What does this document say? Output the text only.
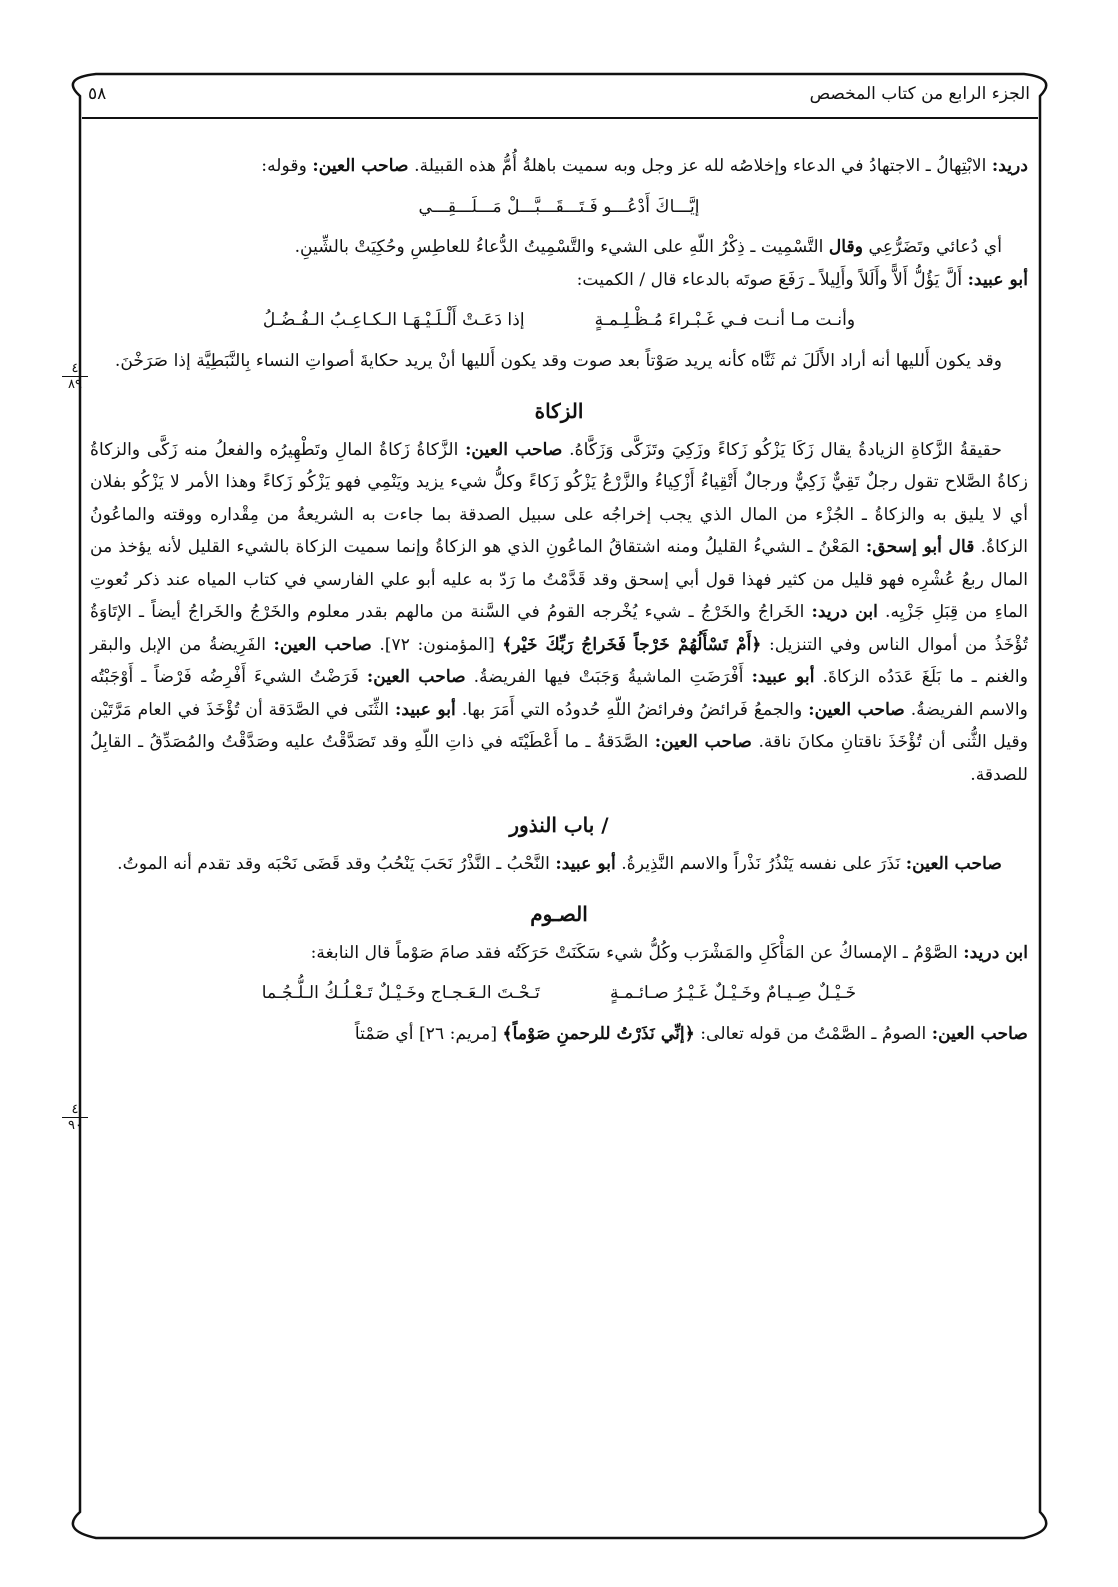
الجزء الرابع من كتاب المخصص
٥٨
٤
٨٩
٤
٩٠

دريد: الابْتِهالُ ـ الاجتهادُ في الدعاء وإخلاصُه لله عز وجل وبه سميت باهلةُ أُمُّ هذه القبيلة. صاحب العين: وقوله:

إيَّـــاكَ أَدْعُـــو فَـتَـــقَـــبَّـــلْ مَـــلَـــقِـــي

أي دُعائي وتَضَرُّعِي وقال التَّسْمِيت ـ ذِكْرُ اللّهِ على الشيء والتَّسْمِيتُ الدُّعاءُ للعاطِسِ وحُكِيَتْ بالشِّينِ.

أبو عبيد: أَلَّ يَؤُلُّ أَلاًّ وأَلَلاً وأَلِيلاً ـ رَفَعَ صوتَه بالدعاء قال / الكميت:

وأنـت مـا أنـت فـي غَـبْـراءَ مُـظْـلِـمـةٍ
إذا دَعَـتْ أَلْـلَـيْـهَـا الـكـاعِـبُ الـفُـضُـلُ

وقد يكون أَلليها أنه أراد الأَلَلَ ثم ثَنَّاه كأنه يريد صَوْتاً بعد صوت وقد يكون أَلليها أنْ يريد حكايةَ أصواتِ النساء بِالنَّبَطِيَّة إذا صَرَخْنَ.

الزكاة

حقيقةُ الزَّكاةِ الزيادةُ يقال زَكَا يَزْكُو زَكاءً وزَكِيَ وتَزَكَّى وَزَكَّاهُ. صاحب العين: الزَّكاةُ زَكاةُ المالِ وتَطْهِيرُه والفعلُ منه زَكَّى والزكاةُ زكاةُ الصَّلاح تقول رجلٌ تَقِيٌّ زَكِيٌّ ورجالٌ أَتْقِياءُ أَزْكِياءُ والزَّرْعُ يَزْكُو زَكاءً وكلُّ شيء يزيد ويَنْمِي فهو يَزْكُو زَكاءً وهذا الأمر لا يَزْكُو بفلان أي لا يليق به والزكاةُ ـ الجُزْء من المال الذي يجب إخراجُه على سبيل الصدقة بما جاءت به الشريعةُ من مِقْداره ووقته والماعُونُ الزكاةُ. قال أبو إسحق: المَعْنُ ـ الشيءُ القليلُ ومنه اشتقاقُ الماعُونِ الذي هو الزكاةُ وإنما سميت الزكاة بالشيء القليل لأنه يؤخذ من المال ربعُ عُشْرِه فهو قليل من كثير فهذا قول أبي إسحق وقد قَدَّمْتُ ما رَدّ به عليه أبو علي الفارسي في كتاب المياه عند ذكر نُعوتِ الماءِ من قِبَلِ جَزْيِه. ابن دريد: الخَراجُ والخَرْجُ ـ شيء يُخْرجه القومُ في السَّنة من مالهم بقدر معلوم والخَرْجُ والخَراجُ أيضاً ـ الإتَاوَةُ تُؤْخَذُ من أموال الناس وفي التنزيل: ﴿أَمْ تَسْأَلُهُمْ خَرْجاً فَخَراجُ رَبِّكَ خَيْر﴾ [المؤمنون: ٧٢]. صاحب العين: الفَرِيضةُ من الإبل والبقر والغنم ـ ما بَلَغَ عَدَدُه الزكاةَ. أبو عبيد: أَفْرَضَتِ الماشيةُ وَجَبَتْ فيها الفريضةُ. صاحب العين: فَرَضْتُ الشيءَ أَفْرِضُه فَرْضاً ـ أَوْجَبْتُه والاسم الفريضةُ. صاحب العين: والجمعُ فَرائضُ وفرائضُ اللّهِ حُدودُه التي أَمَرَ بها. أبو عبيد: الثِّنَى في الصَّدَقة أن تُؤْخَذَ في العام مَرَّتَيْن وقيل الثُّنى أن تُؤْخَذَ ناقتانِ مكانَ ناقة. صاحب العين: الصَّدَقةُ ـ ما أَعْطَيْتَه في ذاتِ اللّهِ وقد تَصَدَّقْتُ عليه وصَدَّقْتُ والمُصَدِّقُ ـ القابِلُ للصدقة.

/ باب النذور

صاحب العين: نَذَرَ على نفسه يَنْذُرُ نَذْراً والاسم النَّذِيرةُ. أبو عبيد: النَّحْبُ ـ النَّذْرُ نَحَبَ يَنْحُبُ وقد قَضَى نَحْبَه وقد تقدم أنه الموتُ.

الصـوم

ابن دريد: الصَّوْمُ ـ الإمساكُ عن المَأْكَلِ والمَشْرَب وكُلُّ شيء سَكَنَتْ حَرَكَتُه فقد صامَ صَوْماً قال النابغة:

خَـيْـلٌ صِـيـامٌ وخَـيْـلٌ غَـيْـرُ صـائـمـةٍ
تَـحْـتَ الـعَـجـاج وخَـيْـلٌ تَـعْـلُـكُ الـلُّـجُـما

صاحب العين: الصومُ ـ الصَّمْتُ من قوله تعالى: ﴿إنِّي نَذَرْتُ للرحمنِ صَوْماً﴾ [مريم: ٢٦] أي صَمْتاً
